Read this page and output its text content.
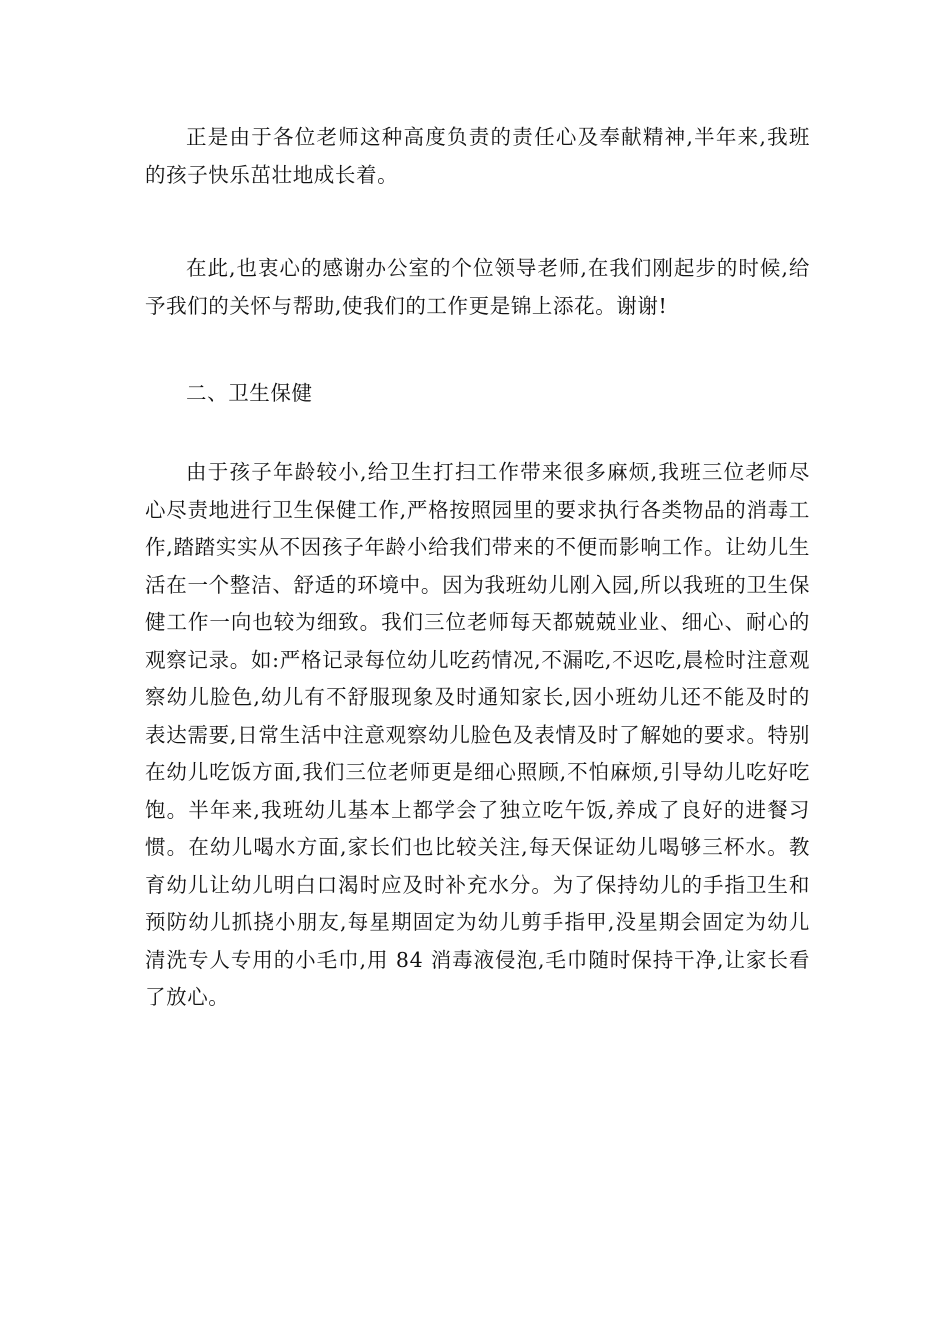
正是由于各位老师这种高度负责的责任心及奉献精神,半年来,我班的孩子快乐茁壮地成长着。

在此,也衷心的感谢办公室的个位领导老师,在我们刚起步的时候,给予我们的关怀与帮助,使我们的工作更是锦上添花。谢谢!

二、卫生保健

由于孩子年龄较小,给卫生打扫工作带来很多麻烦,我班三位老师尽心尽责地进行卫生保健工作,严格按照园里的要求执行各类物品的消毒工作,踏踏实实从不因孩子年龄小给我们带来的不便而影响工作。让幼儿生活在一个整洁、舒适的环境中。因为我班幼儿刚入园,所以我班的卫生保健工作一向也较为细致。我们三位老师每天都兢兢业业、细心、耐心的观察记录。如:严格记录每位幼儿吃药情况,不漏吃,不迟吃,晨检时注意观察幼儿脸色,幼儿有不舒服现象及时通知家长,因小班幼儿还不能及时的表达需要,日常生活中注意观察幼儿脸色及表情及时了解她的要求。特别在幼儿吃饭方面,我们三位老师更是细心照顾,不怕麻烦,引导幼儿吃好吃饱。半年来,我班幼儿基本上都学会了独立吃午饭,养成了良好的进餐习惯。在幼儿喝水方面,家长们也比较关注,每天保证幼儿喝够三杯水。教育幼儿让幼儿明白口渴时应及时补充水分。为了保持幼儿的手指卫生和预防幼儿抓挠小朋友,每星期固定为幼儿剪手指甲,没星期会固定为幼儿清洗专人专用的小毛巾,用 84 消毒液侵泡,毛巾随时保持干净,让家长看了放心。
